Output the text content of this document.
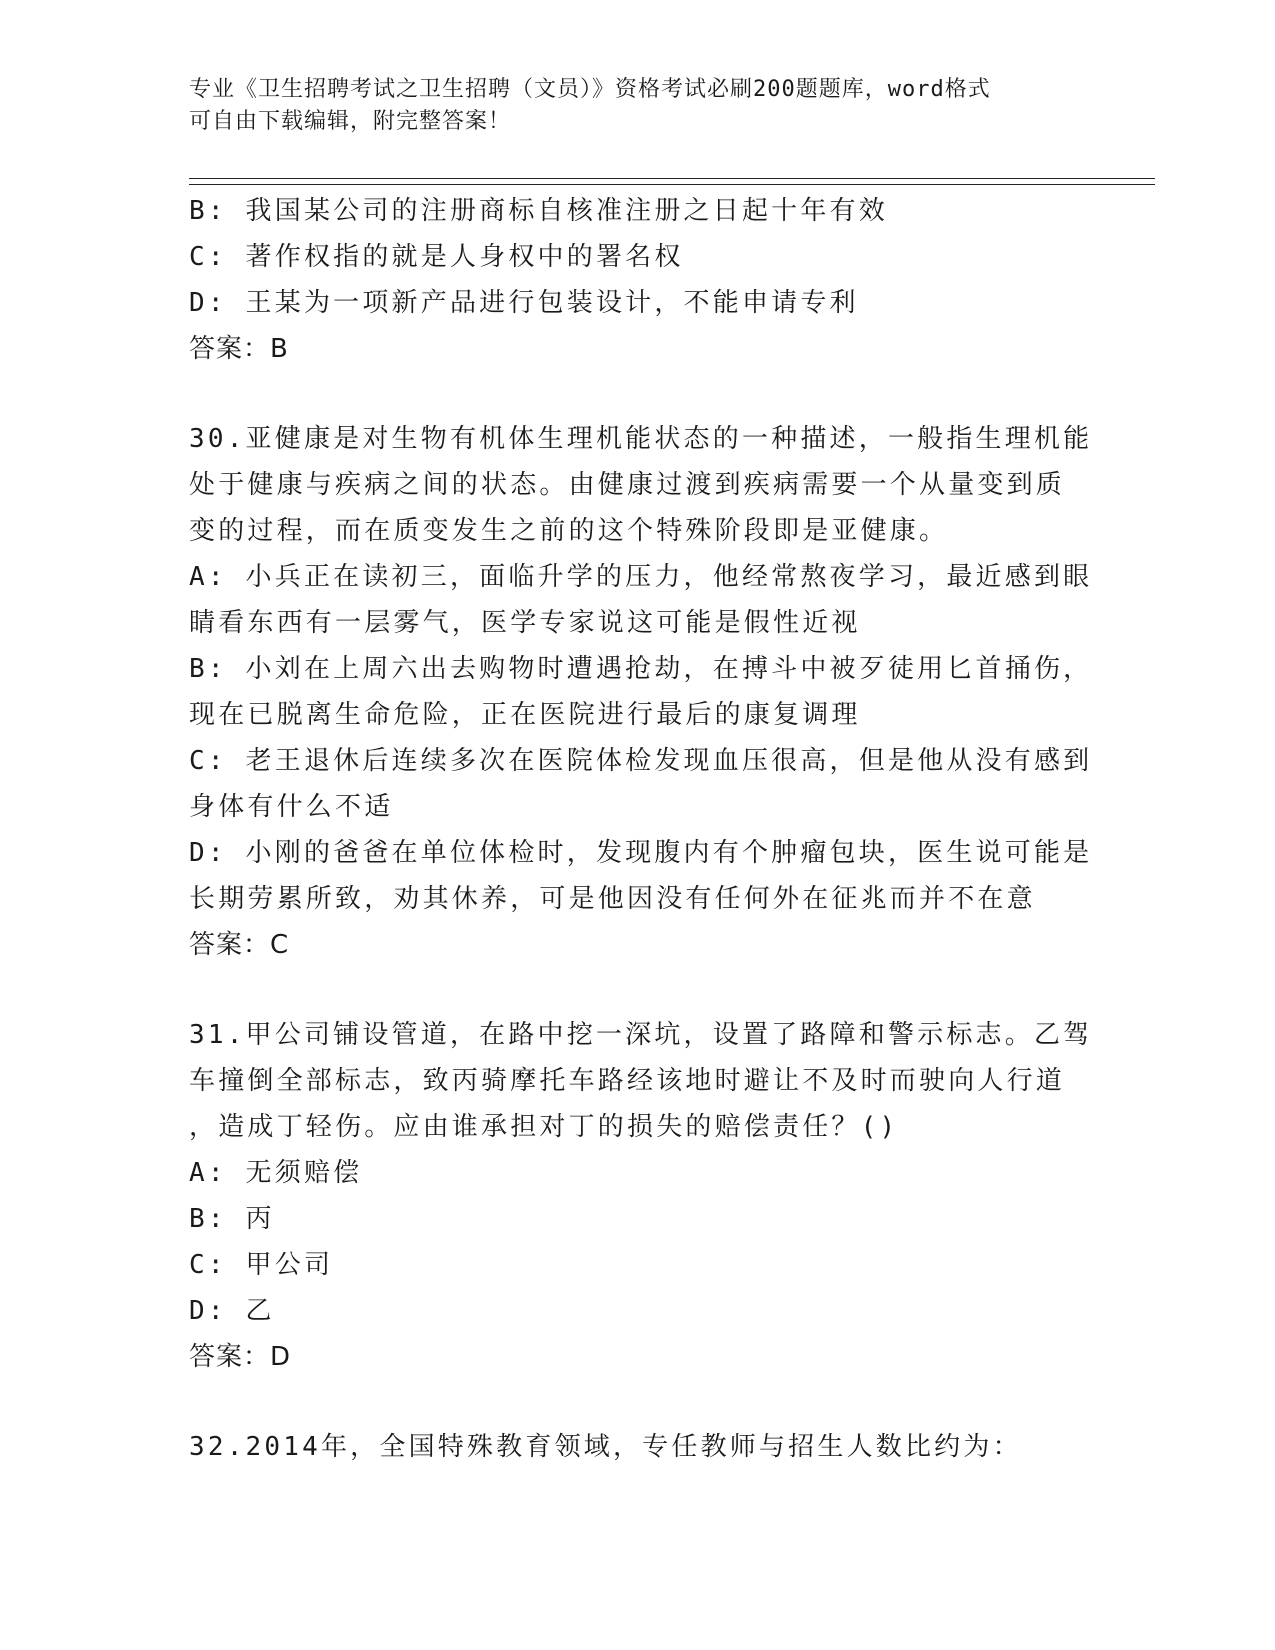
专业《卫生招聘考试之卫生招聘（文员）》资格考试必刷200题题库，word格式
可自由下载编辑，附完整答案！
B: 我国某公司的注册商标自核准注册之日起十年有效
C: 著作权指的就是人身权中的署名权
D: 王某为一项新产品进行包装设计，不能申请专利
答案：B
30.亚健康是对生物有机体生理机能状态的一种描述，一般指生理机能
处于健康与疾病之间的状态。由健康过渡到疾病需要一个从量变到质
变的过程，而在质变发生之前的这个特殊阶段即是亚健康。
A: 小兵正在读初三，面临升学的压力，他经常熬夜学习，最近感到眼
睛看东西有一层雾气，医学专家说这可能是假性近视
B: 小刘在上周六出去购物时遭遇抢劫，在搏斗中被歹徒用匕首捅伤，
现在已脱离生命危险，正在医院进行最后的康复调理
C: 老王退休后连续多次在医院体检发现血压很高，但是他从没有感到
身体有什么不适
D: 小刚的爸爸在单位体检时，发现腹内有个肿瘤包块，医生说可能是
长期劳累所致，劝其休养，可是他因没有任何外在征兆而并不在意
答案：C
31.甲公司铺设管道，在路中挖一深坑，设置了路障和警示标志。乙驾
车撞倒全部标志，致丙骑摩托车路经该地时避让不及时而驶向人行道
，造成丁轻伤。应由谁承担对丁的损失的赔偿责任？()
A: 无须赔偿
B: 丙
C: 甲公司
D: 乙
答案：D
32.2014年，全国特殊教育领域，专任教师与招生人数比约为：
